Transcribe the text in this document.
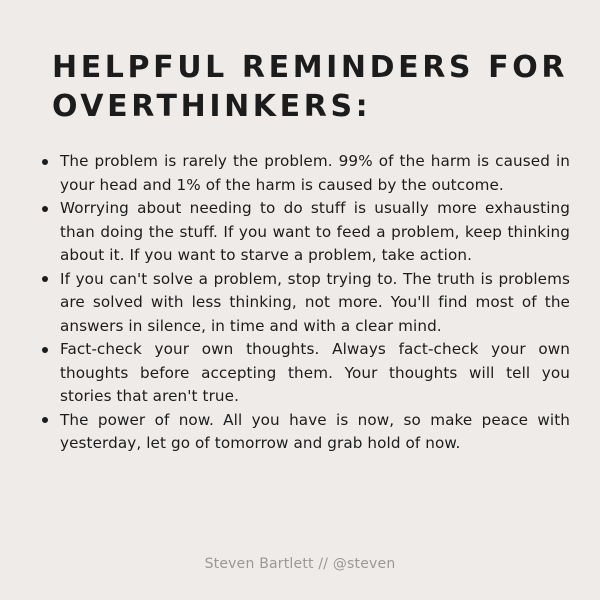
HELPFUL REMINDERS FOR OVERTHINKERS:
The problem is rarely the problem. 99% of the harm is caused in your head and 1% of the harm is caused by the outcome.
Worrying about needing to do stuff is usually more exhausting than doing the stuff. If you want to feed a problem, keep thinking about it. If you want to starve a problem, take action.
If you can't solve a problem, stop trying to. The truth is problems are solved with less thinking, not more. You'll find most of the answers in silence, in time and with a clear mind.
Fact-check your own thoughts. Always fact-check your own thoughts before accepting them. Your thoughts will tell you stories that aren't true.
The power of now. All you have is now, so make peace with yesterday, let go of tomorrow and grab hold of now.

Steven Bartlett // @steven
